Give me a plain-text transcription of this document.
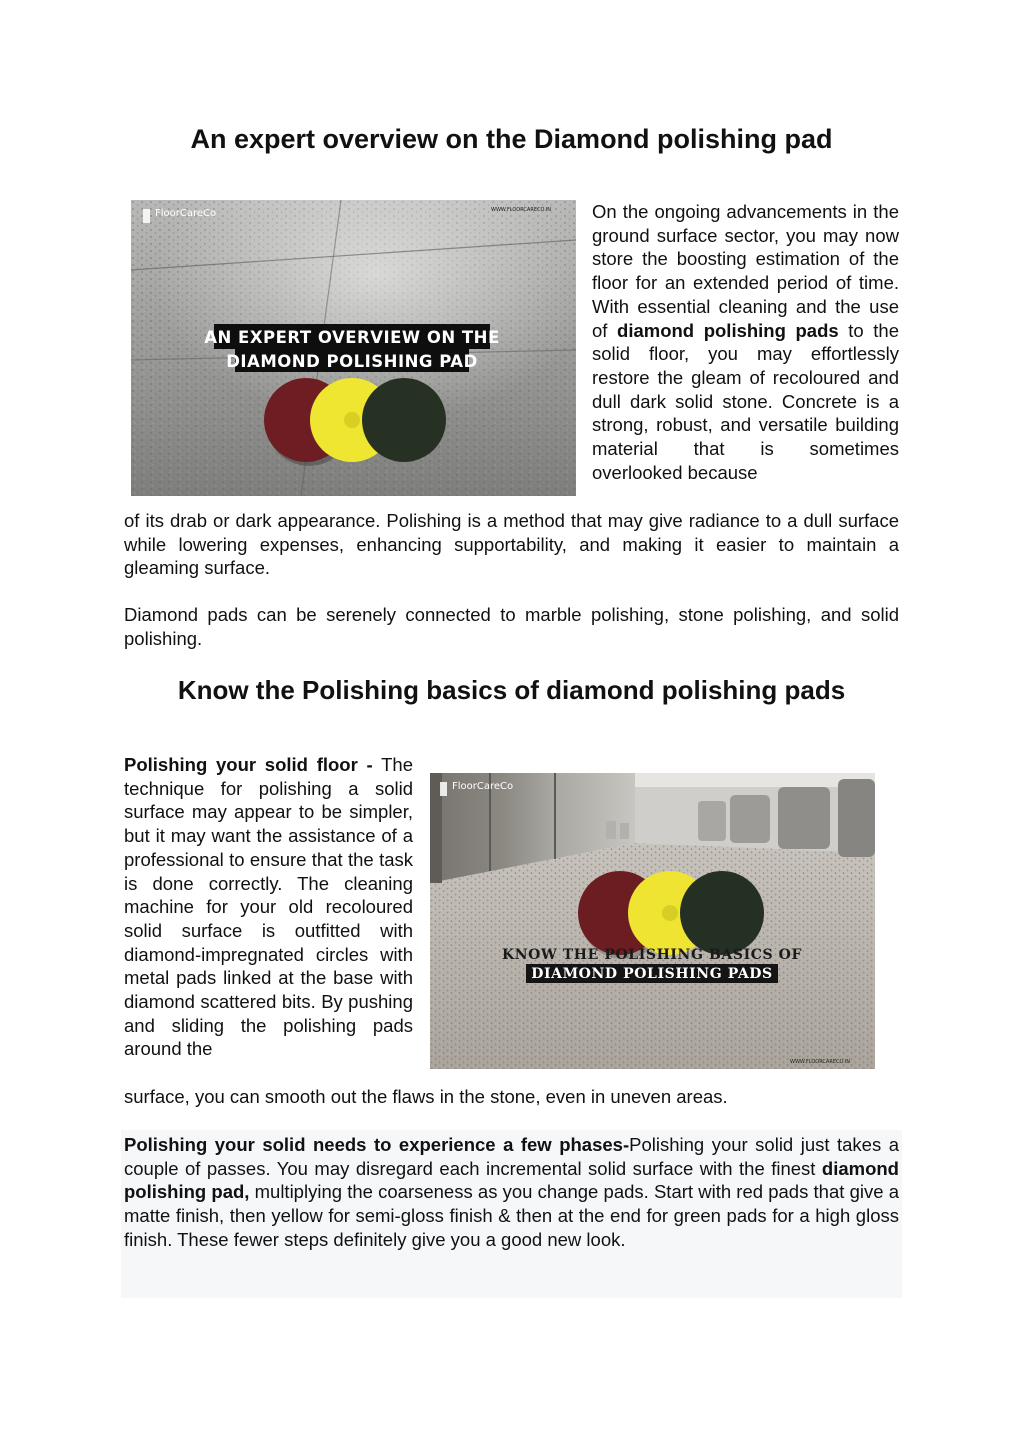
An expert overview on the Diamond polishing pad
FloorCareCo	WWW.FLOORCARECO.IN
AN EXPERT OVERVIEW ON THE
DIAMOND POLISHING PAD
On the ongoing advancements in the ground surface sector, you may now store the boosting estimation of the floor for an extended period of time. With essential cleaning and the use of diamond polishing pads to the solid floor, you may effortlessly restore the gleam of recoloured and dull dark solid stone. Concrete is a strong, robust, and versatile building material that is sometimes overlooked because
of its drab or dark appearance. Polishing is a method that may give radiance to a dull surface while lowering expenses, enhancing supportability, and making it easier to maintain a gleaming surface.
Diamond pads can be serenely connected to marble polishing, stone polishing, and solid polishing.
Know the Polishing basics of diamond polishing pads
FloorCareCo
WWW.FLOORCARECO.IN
KNOW THE POLISHING BASICS OF
DIAMOND POLISHING PADS
Polishing your solid floor - The technique for polishing a solid surface may appear to be simpler, but it may want the assistance of a professional to ensure that the task is done correctly. The cleaning machine for your old recoloured solid surface is outfitted with diamond-impregnated circles with metal pads linked at the base with diamond scattered bits. By pushing and sliding the polishing pads around the
surface, you can smooth out the flaws in the stone, even in uneven areas.
Polishing your solid needs to experience a few phases-Polishing your solid just takes a couple of passes. You may disregard each incremental solid surface with the finest diamond polishing pad, multiplying the coarseness as you change pads. Start with red pads that give a matte finish, then yellow for semi-gloss finish & then at the end for green pads for a high gloss finish. These fewer steps definitely give you a good new look.
